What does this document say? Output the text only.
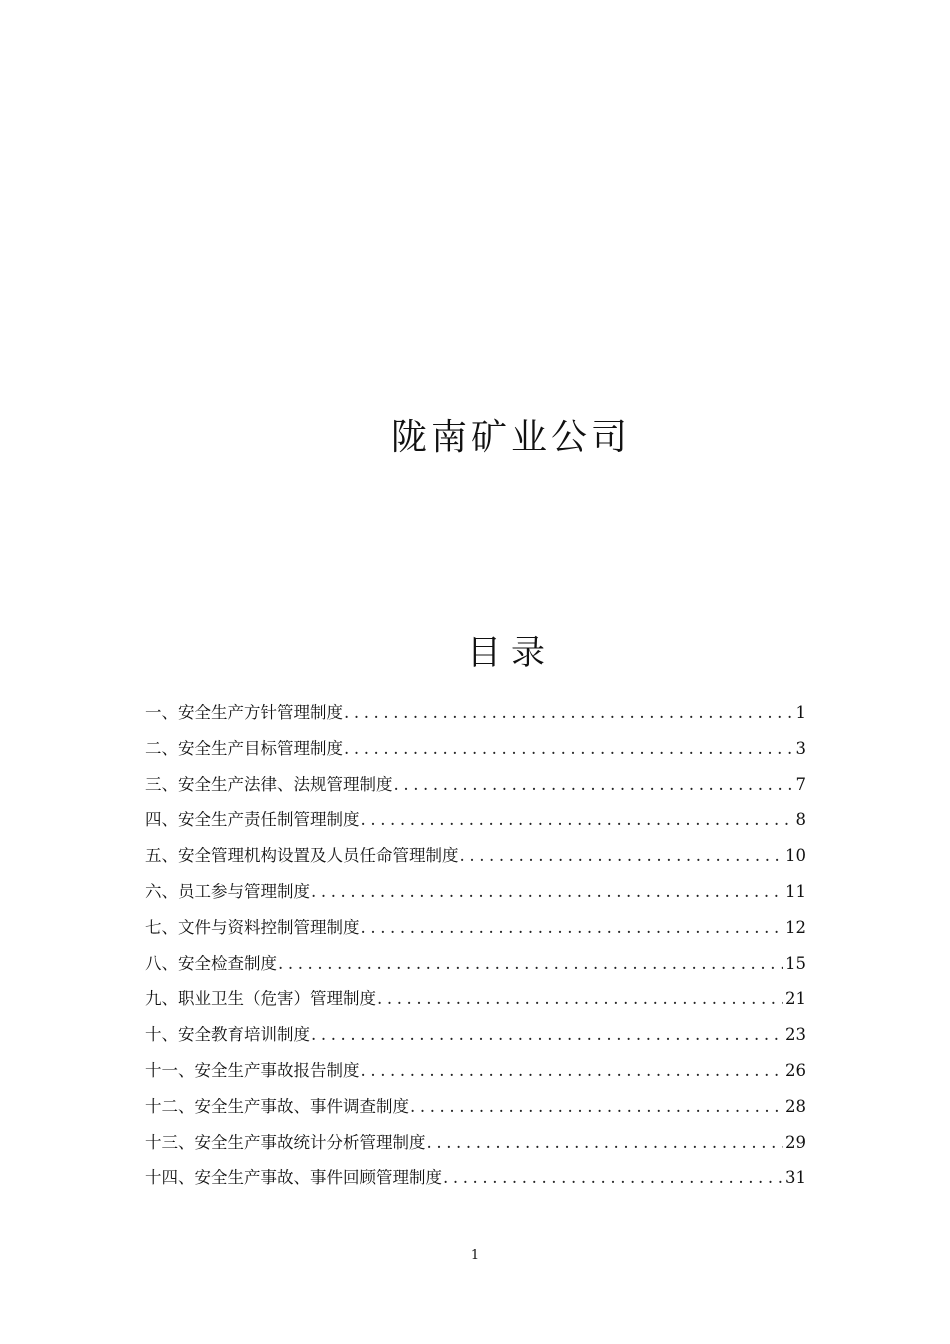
陇南矿业公司
目录
一、安全生产方针管理制度 .....	1
二、安全生产目标管理制度 .....	3
三、安全生产法律、法规管理制度 .....	7
四、安全生产责任制管理制度 .....	8
五、安全管理机构设置及人员任命管理制度 .....	10
六、员工参与管理制度 .....	11
七、文件与资料控制管理制度 .....	12
八、安全检查制度 .....	15
九、职业卫生（危害）管理制度 .....	21
十、安全教育培训制度 .....	23
十一、安全生产事故报告制度 .....	26
十二、安全生产事故、事件调查制度 .....	28
十三、安全生产事故统计分析管理制度 .....	29
十四、安全生产事故、事件回顾管理制度 .....	31
1
